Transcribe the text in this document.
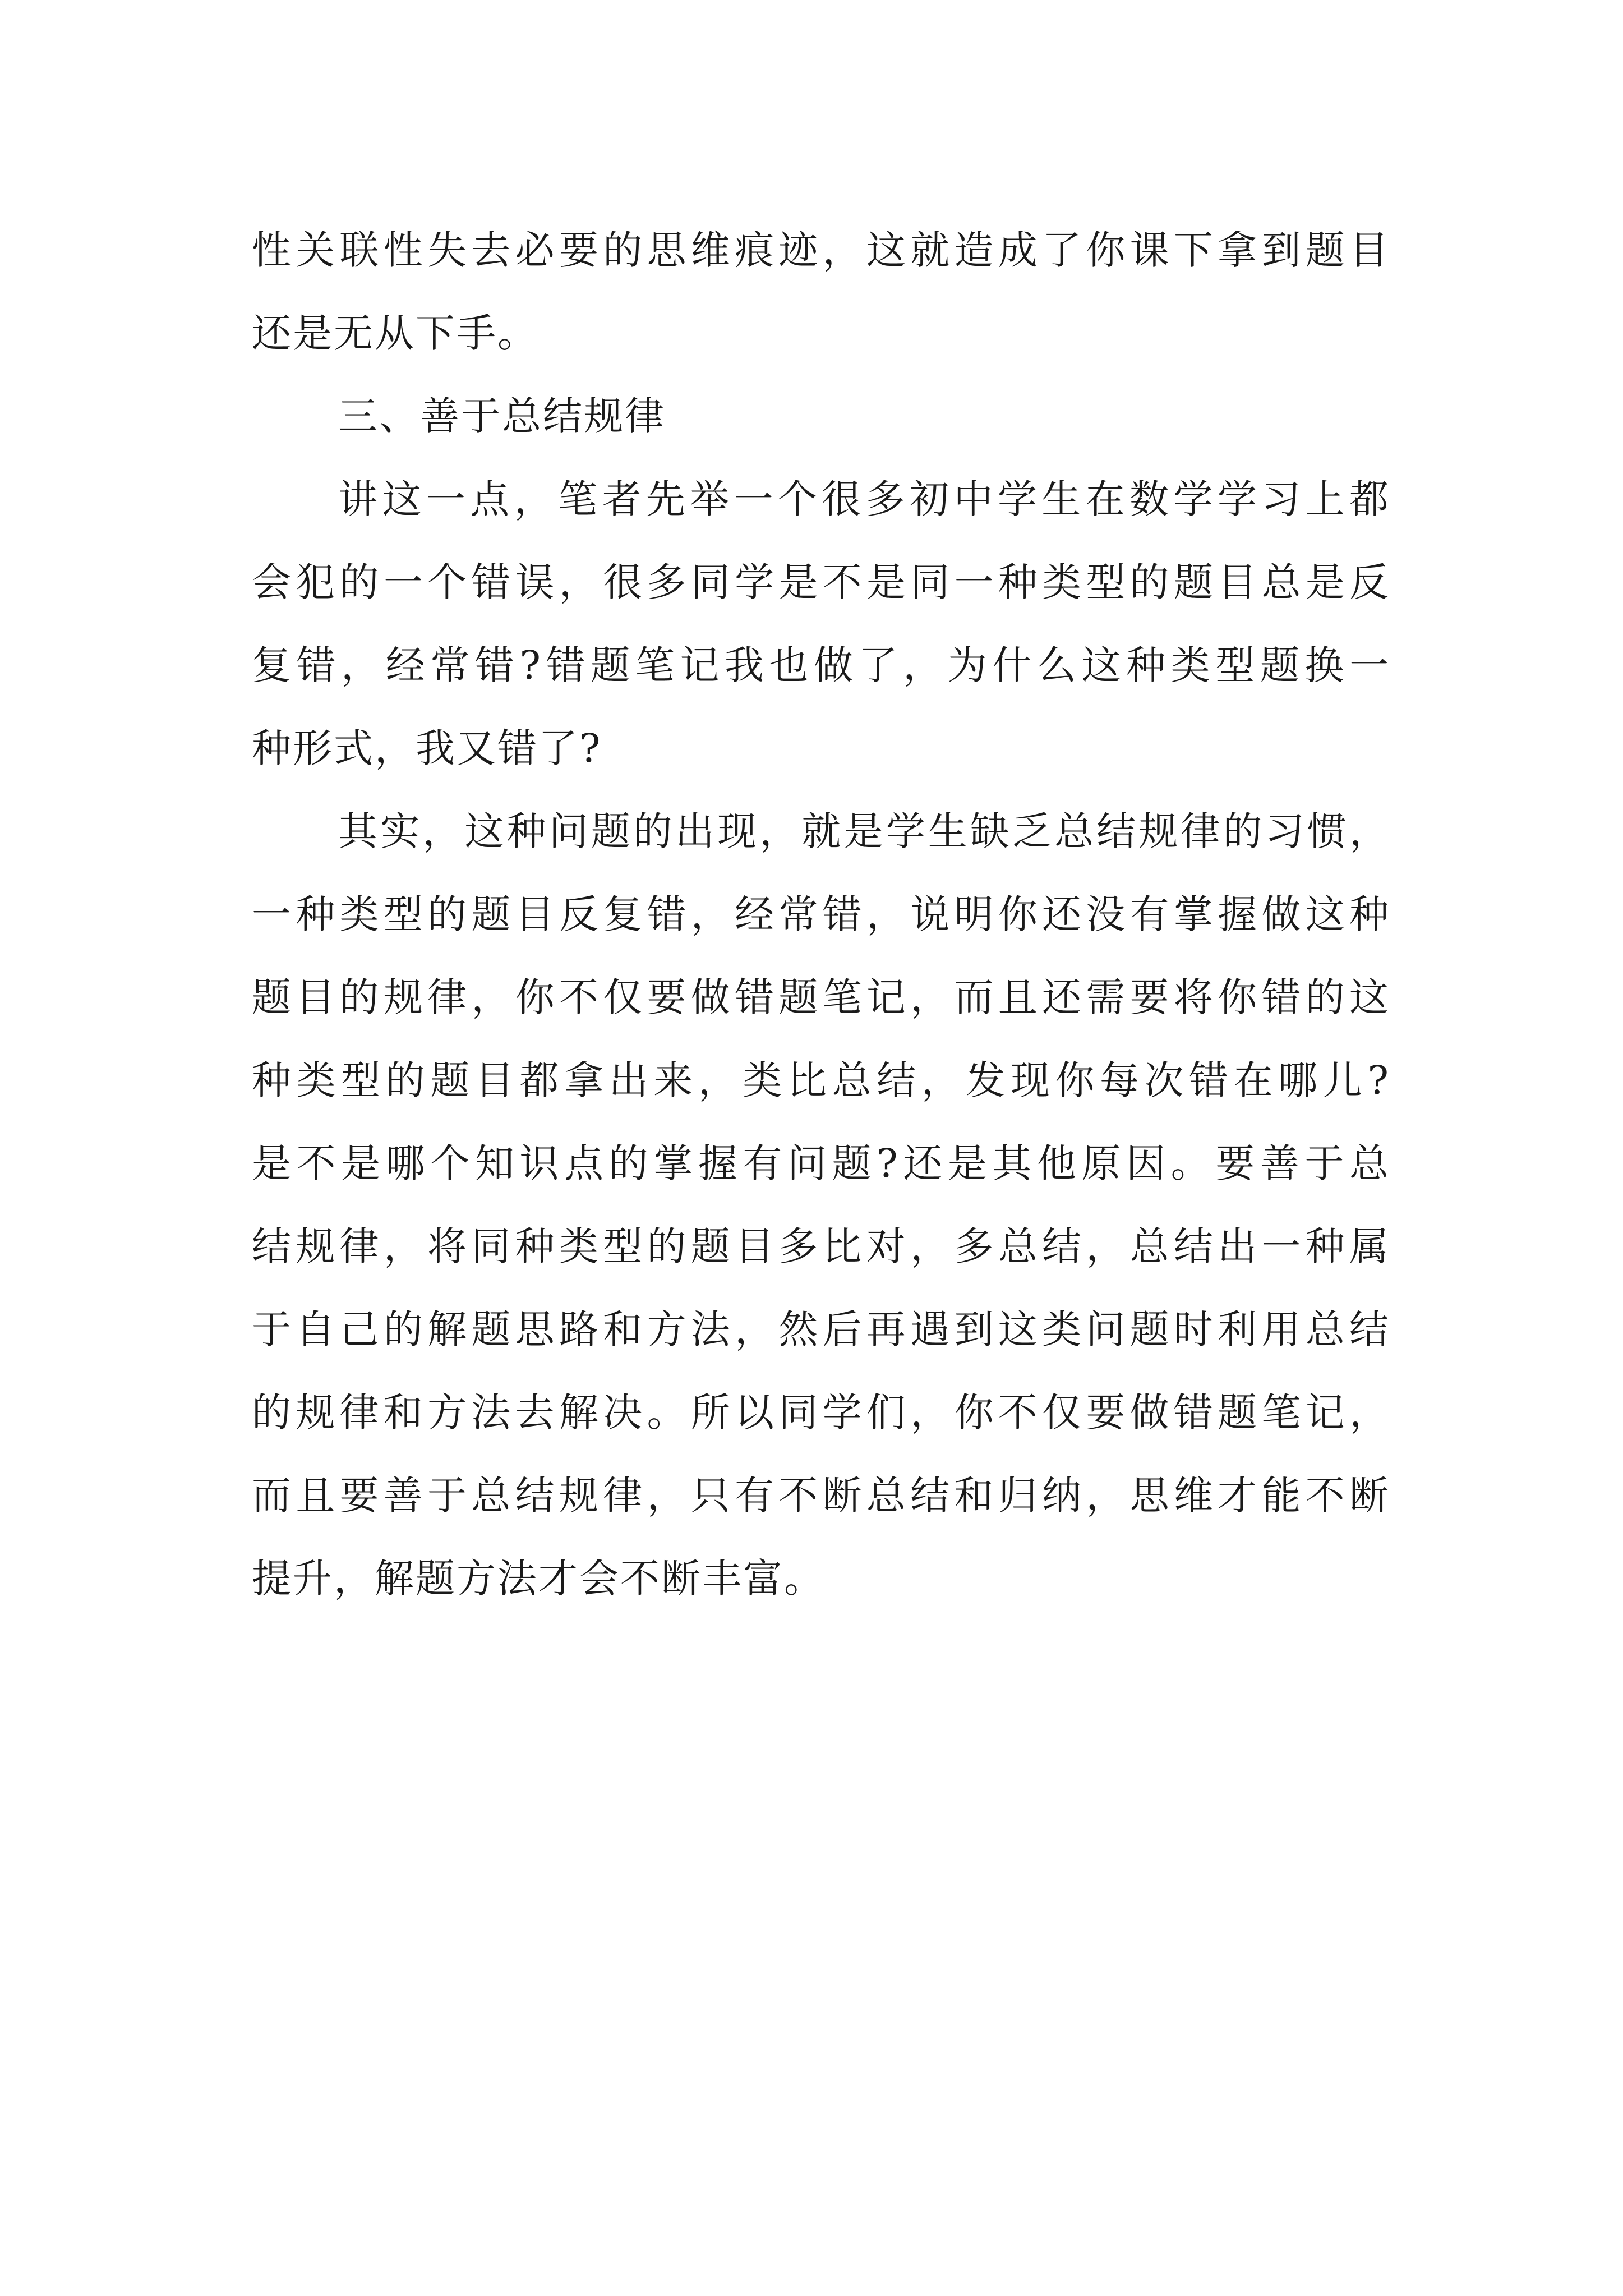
性关联性失去必要的思维痕迹，这就造成了你课下拿到题目
还是无从下手。
三、善于总结规律
讲这一点，笔者先举一个很多初中学生在数学学习上都
会犯的一个错误，很多同学是不是同一种类型的题目总是反
复错，经常错?错题笔记我也做了，为什么这种类型题换一
种形式，我又错了?
其实，这种问题的出现，就是学生缺乏总结规律的习惯，
一种类型的题目反复错，经常错，说明你还没有掌握做这种
题目的规律，你不仅要做错题笔记，而且还需要将你错的这
种类型的题目都拿出来，类比总结，发现你每次错在哪儿?
是不是哪个知识点的掌握有问题?还是其他原因。要善于总
结规律，将同种类型的题目多比对，多总结，总结出一种属
于自己的解题思路和方法，然后再遇到这类问题时利用总结
的规律和方法去解决。所以同学们，你不仅要做错题笔记，
而且要善于总结规律，只有不断总结和归纳，思维才能不断
提升，解题方法才会不断丰富。
